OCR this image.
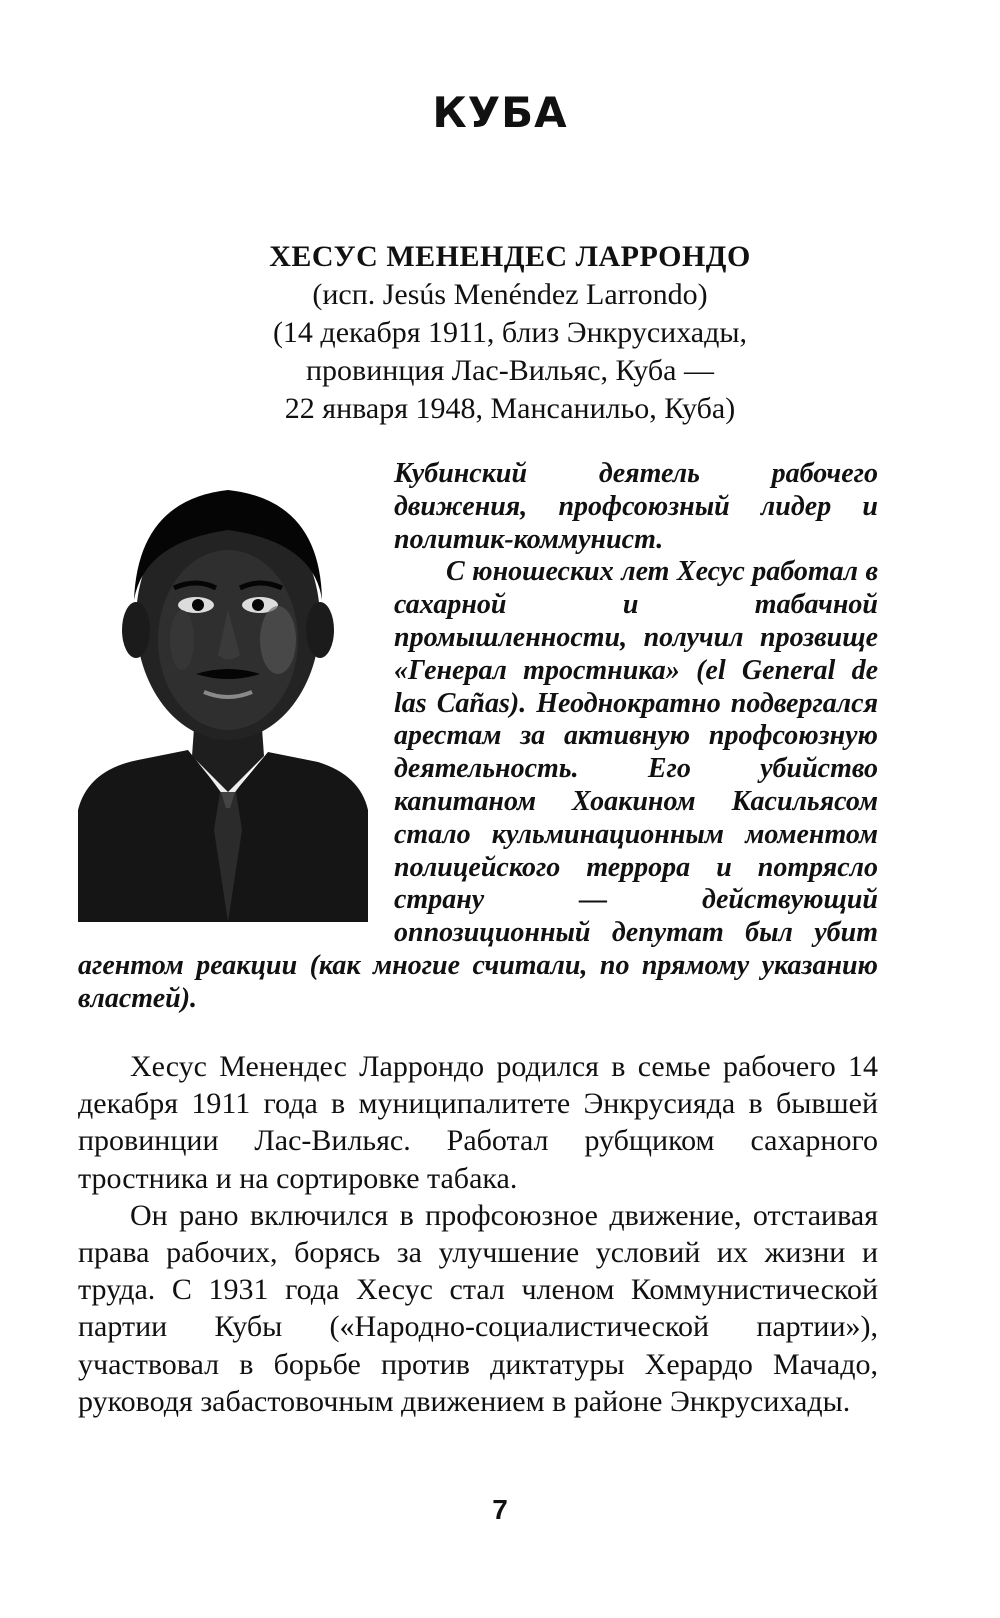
КУБА
ХЕСУС МЕНЕНДЕС ЛАРРОНДО
(исп. Jesús Menéndez Larrondo)
(14 декабря 1911, близ Энкрусихады,
провинция Лас-Вильяс, Куба —
22 января 1948, Мансанильо, Куба)

Кубинский деятель рабочего движения, профсоюзный лидер и политик-коммунист.

С юношеских лет Хесус работал в сахарной и табачной промышленности, получил прозвище «Генерал тростника» (el General de las Cañas). Неоднократно подвергался арестам за активную профсоюзную деятельность. Его убийство капитаном Хоакином Касильясом стало кульминационным моментом полицейского террора и потрясло страну — действующий оппозиционный депутат был убит агентом реакции (как многие считали, по прямому указанию властей).

Хесус Менендес Ларрондо родился в семье рабочего 14 декабря 1911 года в муниципалитете Энкрусияда в бывшей провинции Лас-Вильяс. Работал рубщиком сахарного тростника и на сортировке табака.

Он рано включился в профсоюзное движение, отстаивая права рабочих, борясь за улучшение условий их жизни и труда. С 1931 года Хесус стал членом Коммунистической партии Кубы («Народно-социалистической партии»), участвовал в борьбе против диктатуры Херардо Мачадо, руководя забастовочным движением в районе Энкрусихады.

7
